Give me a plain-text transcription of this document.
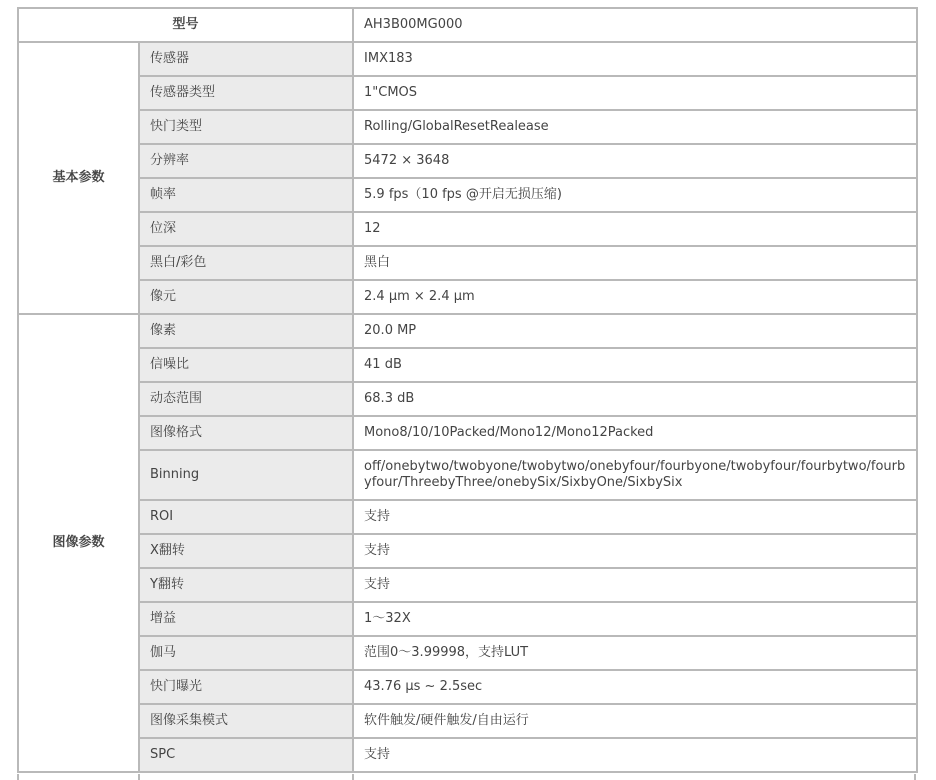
型号		AH3B00MG000
基本参数	传感器	IMX183
	传感器类型	1"CMOS
	快门类型	Rolling/GlobalResetRealease
	分辨率	5472 × 3648
	帧率	5.9 fps（10 fps @开启无损压缩)
	位深	12
	黑白/彩色	黑白
	像元	2.4 μm × 2.4 μm
图像参数	像素	20.0 MP
	信噪比	41 dB
	动态范围	68.3 dB
	图像格式	Mono8/10/10Packed/Mono12/Mono12Packed
	Binning	off/onebytwo/twobyone/twobytwo/onebyfour/fourbyone/twobyfour/fourbytwo/fourbyfour/ThreebyThree/onebySix/SixbyOne/SixbySix
	ROI	支持
	X翻转	支持
	Y翻转	支持
	增益	1～32X
	伽马	范围0～3.99998，支持LUT
	快门曝光	43.76 μs ~ 2.5sec
	图像采集模式	软件触发/硬件触发/自由运行
	SPC	支持
